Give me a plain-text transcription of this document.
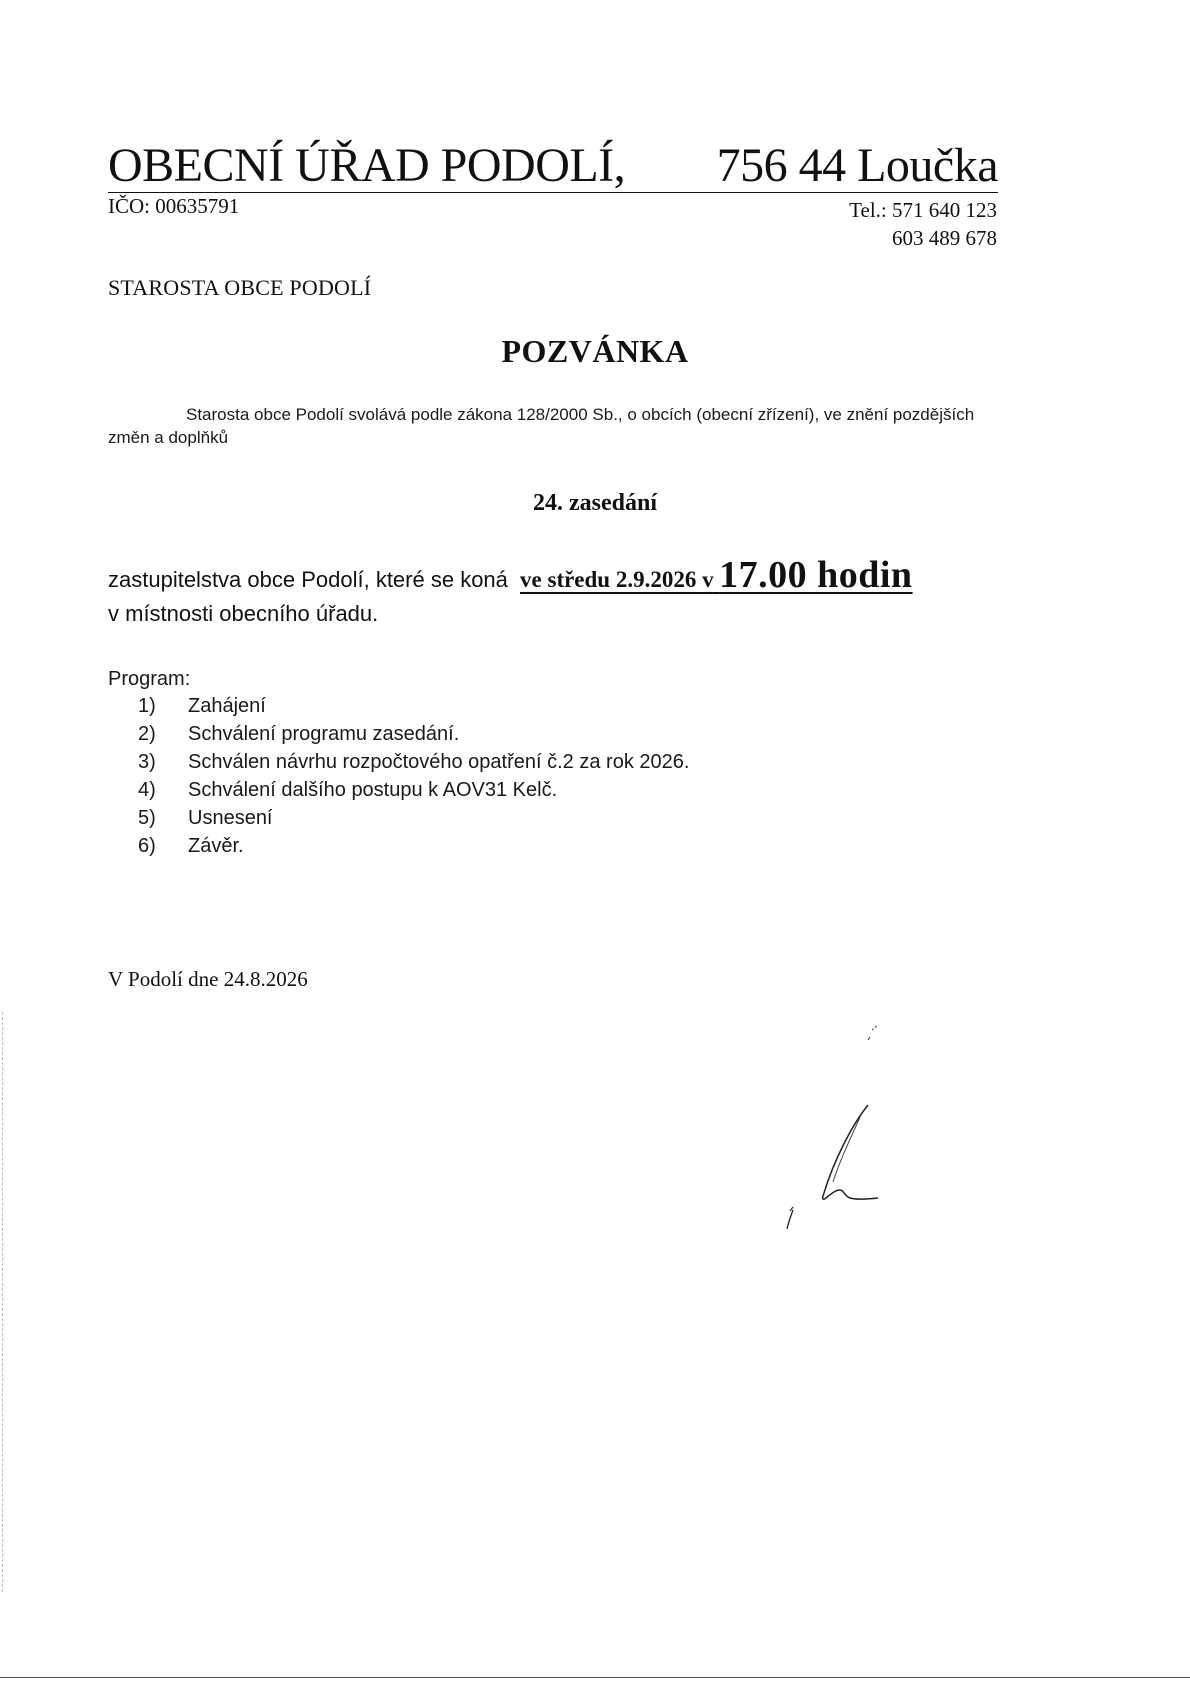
OBECNÍ ÚŘAD PODOLÍ, 756 44 Loučka
IČO: 00635791	Tel.: 571 640 123
603 489 678
STAROSTA OBCE PODOLÍ
POZVÁNKA
Starosta obce Podolí svolává podle zákona 128/2000 Sb., o obcích (obecní zřízení), ve znění pozdějších změn a doplňků
24. zasedání
zastupitelstva obce Podolí, které se koná ve středu 2.9.2026 v 17.00 hodin
v místnosti obecního úřadu.
Program:
1)	Zahájení
2)	Schválení programu zasedání.
3)	Schválen návrhu rozpočtového opatření č.2 za rok 2026.
4)	Schválení dalšího postupu k AOV31 Kelč.
5)	Usnesení
6)	Závěr.
V Podolí dne 24.8.2026
